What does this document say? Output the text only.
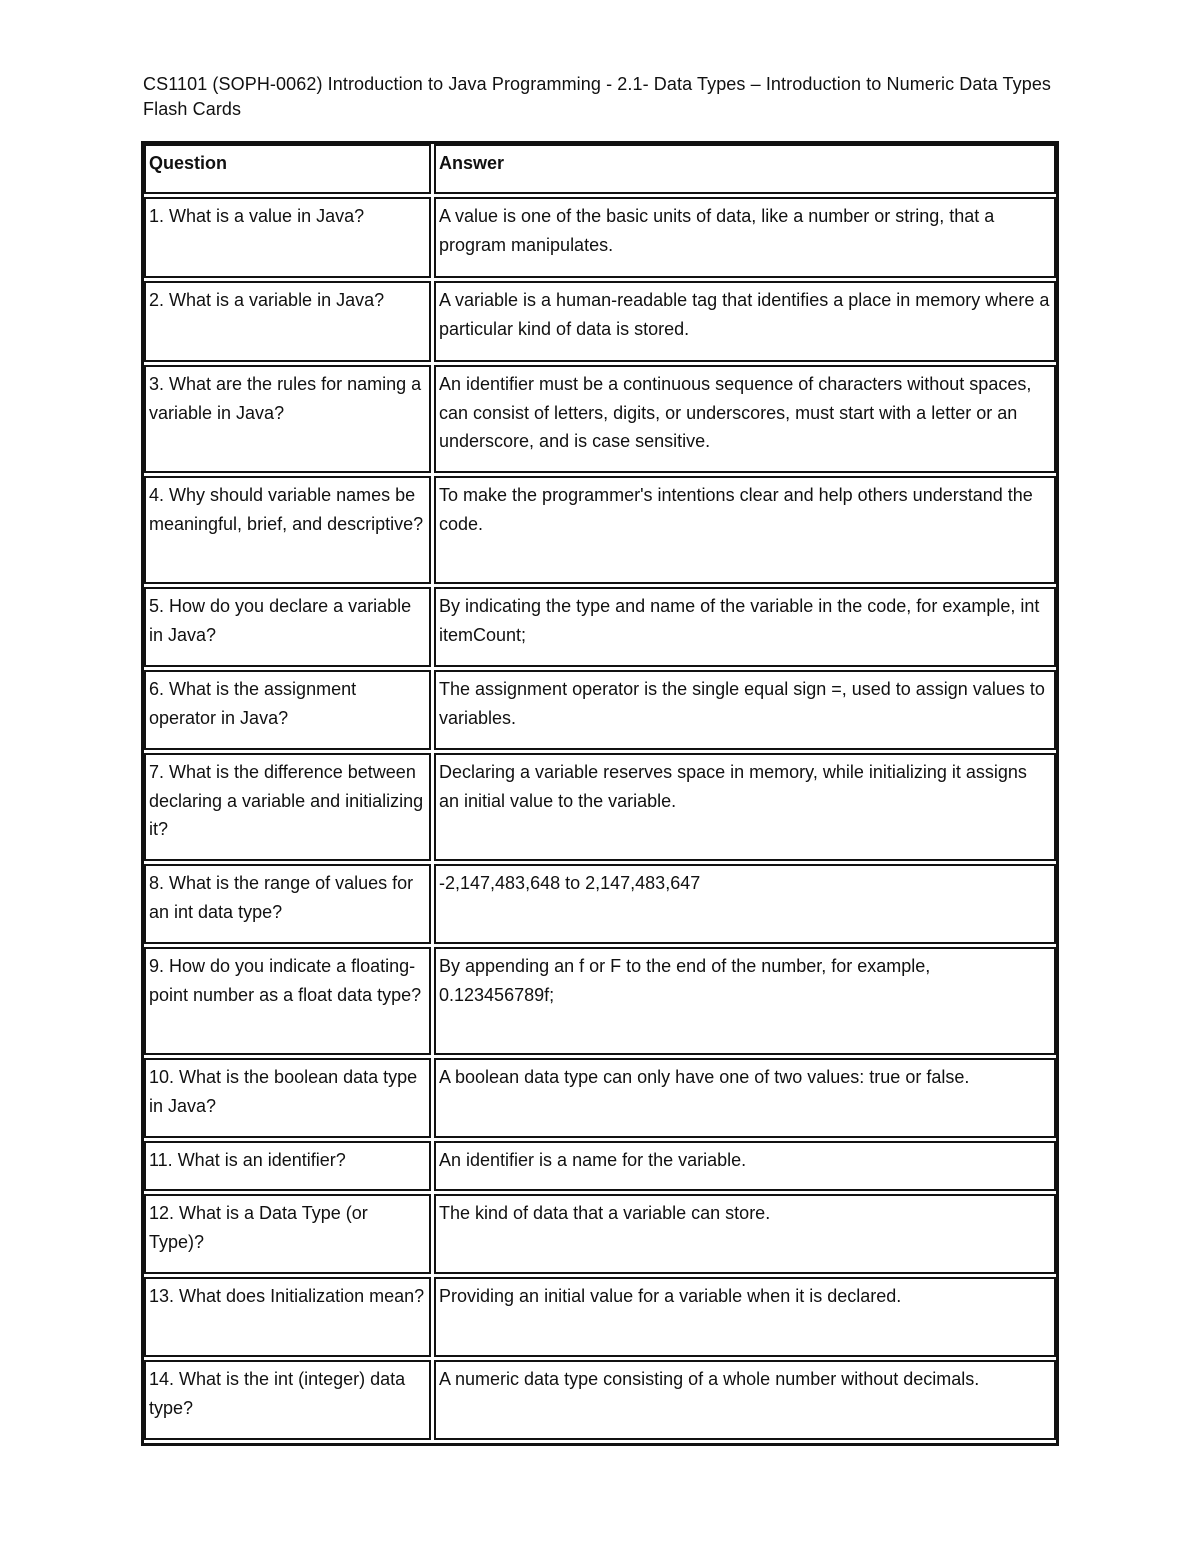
CS1101 (SOPH-0062) Introduction to Java Programming - 2.1- Data Types – Introduction to Numeric Data Types Flash Cards
Question	Answer
1. What is a value in Java?	A value is one of the basic units of data, like a number or string, that a program manipulates.
2. What is a variable in Java?	A variable is a human-readable tag that identifies a place in memory where a particular kind of data is stored.
3. What are the rules for naming a variable in Java?	An identifier must be a continuous sequence of characters without spaces, can consist of letters, digits, or underscores, must start with a letter or an underscore, and is case sensitive.
4. Why should variable names be meaningful, brief, and descriptive?	To make the programmer's intentions clear and help others understand the code.
5. How do you declare a variable in Java?	By indicating the type and name of the variable in the code, for example, int itemCount;
6. What is the assignment operator in Java?	The assignment operator is the single equal sign =, used to assign values to variables.
7. What is the difference between declaring a variable and initializing it?	Declaring a variable reserves space in memory, while initializing it assigns an initial value to the variable.
8. What is the range of values for an int data type?	-2,147,483,648 to 2,147,483,647
9. How do you indicate a floating-point number as a float data type?	By appending an f or F to the end of the number, for example, 0.123456789f;
10. What is the boolean data type in Java?	A boolean data type can only have one of two values: true or false.
11. What is an identifier?	An identifier is a name for the variable.
12. What is a Data Type (or Type)?	The kind of data that a variable can store.
13. What does Initialization mean?	Providing an initial value for a variable when it is declared.
14. What is the int (integer) data type?	A numeric data type consisting of a whole number without decimals.
